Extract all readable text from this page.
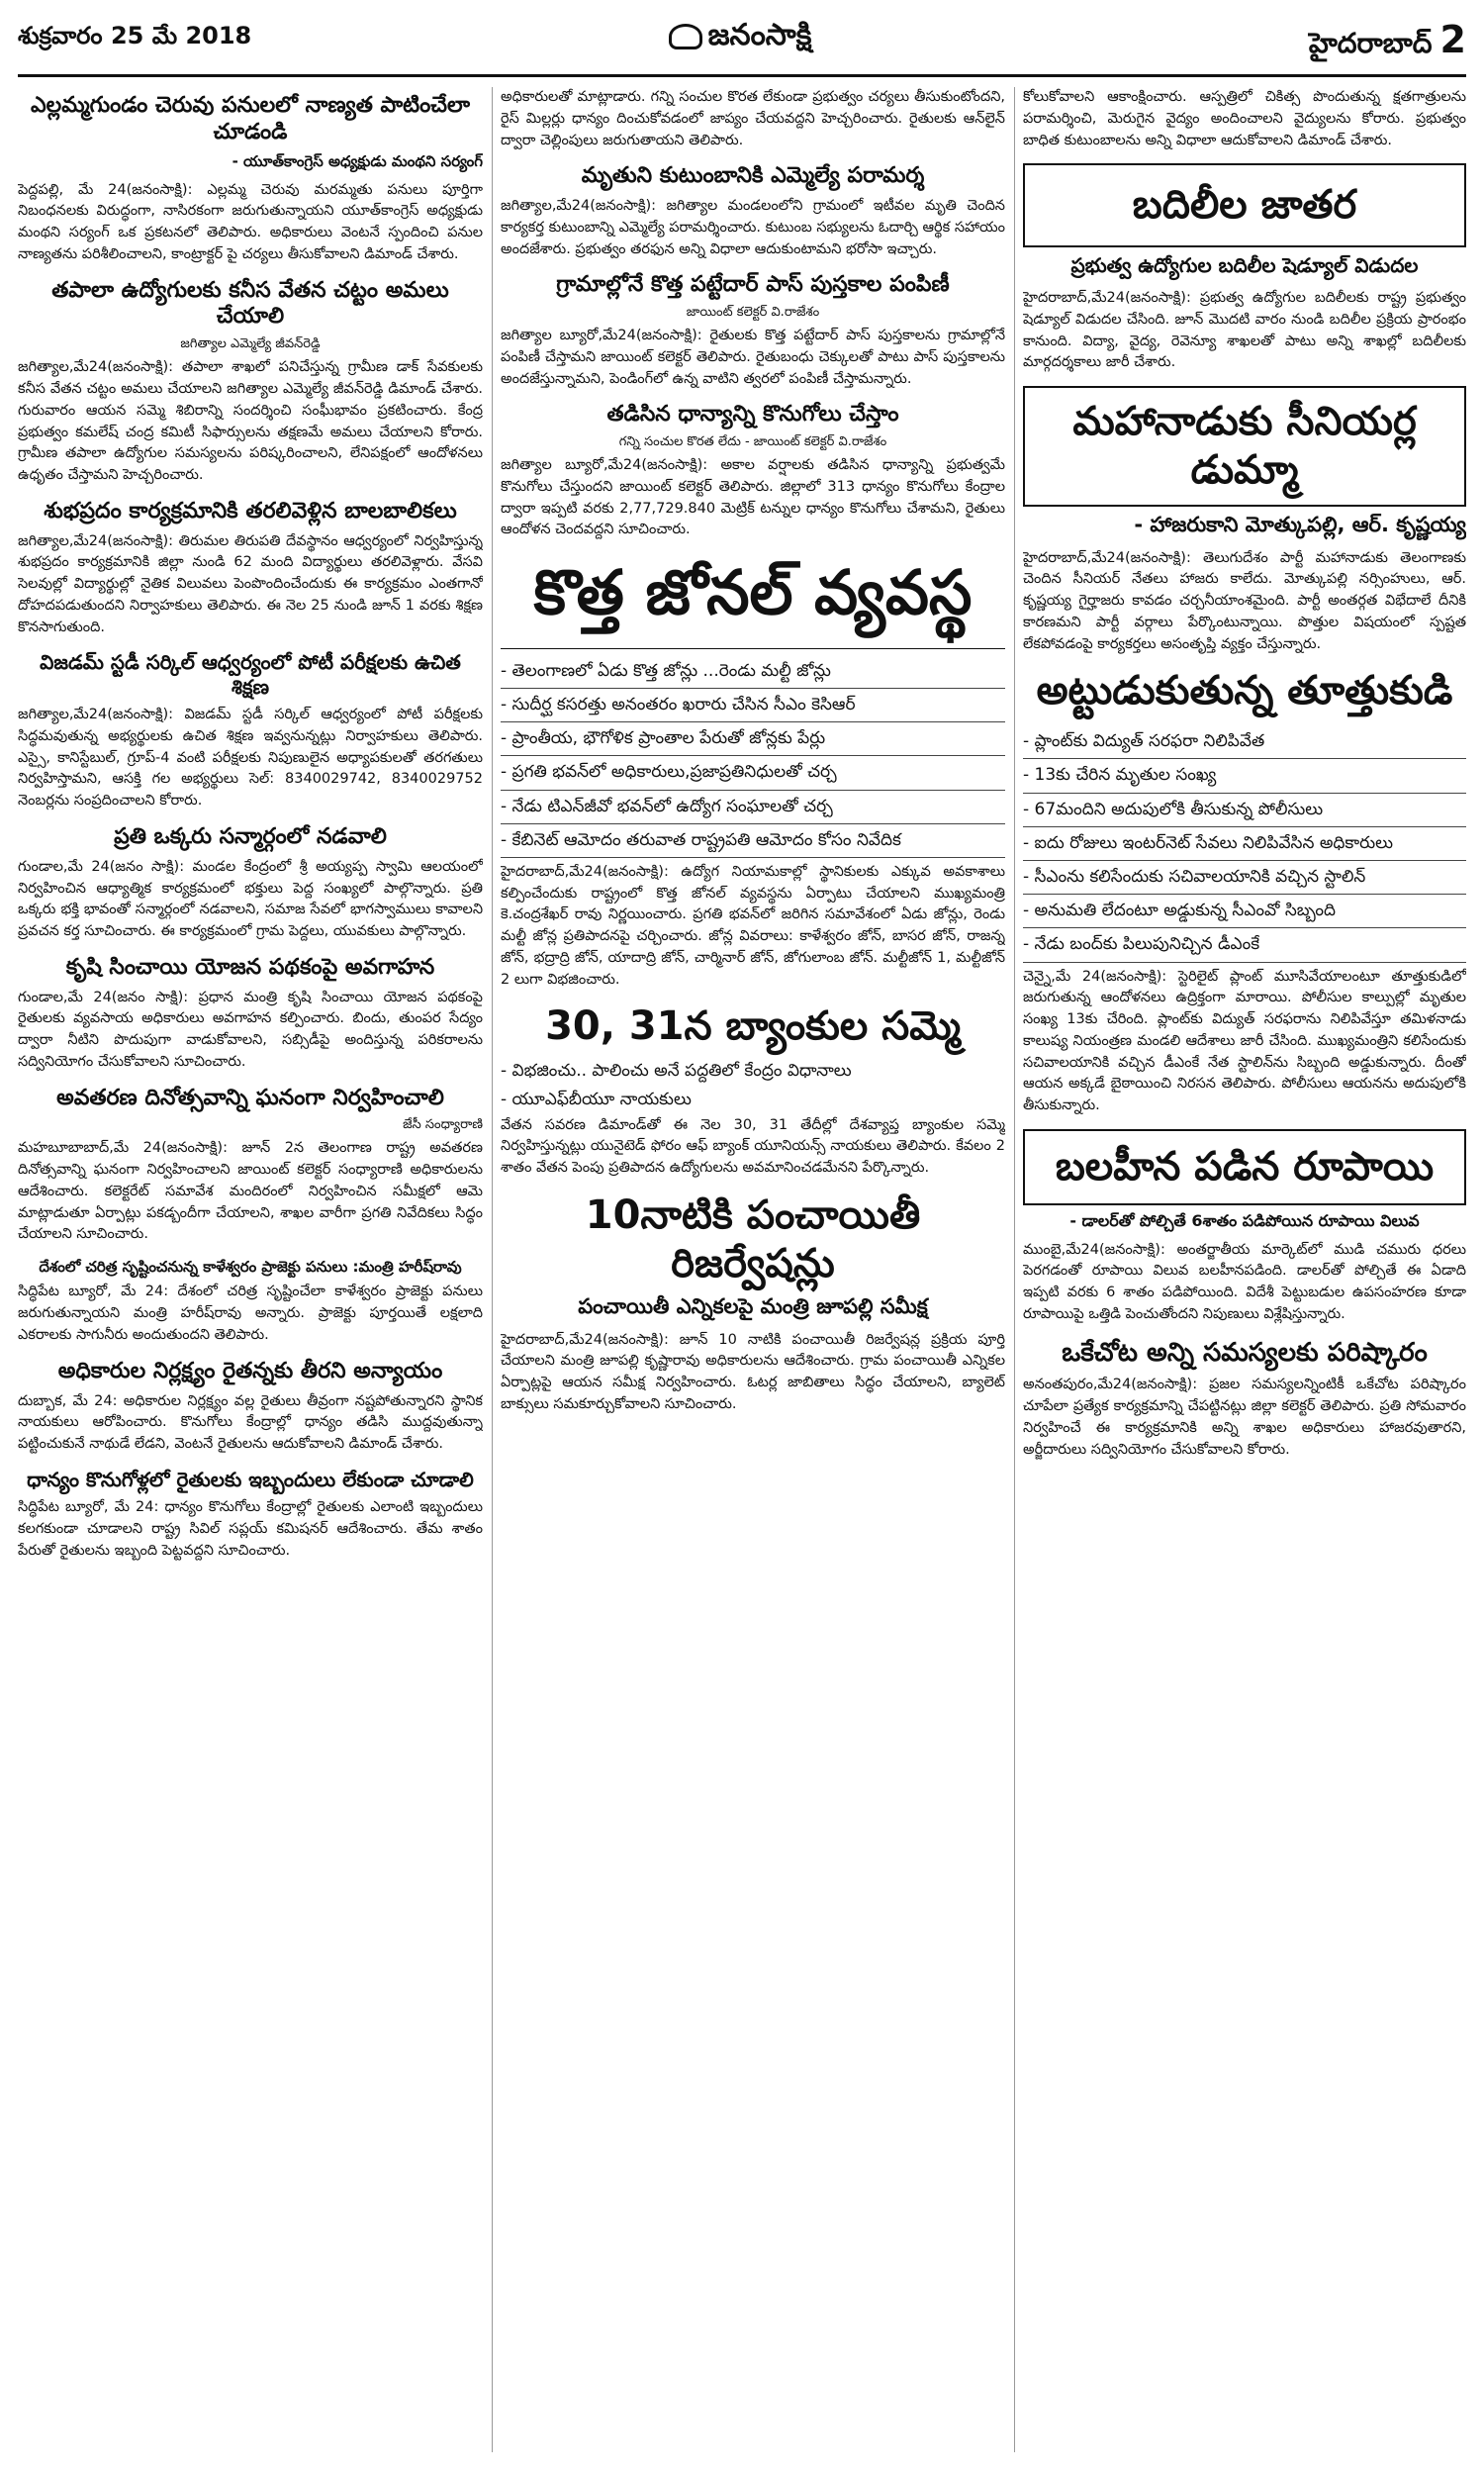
శుక్రవారం 25 మే 2018	జనంసాక్షి	హైదరాబాద్ 2
ఎల్లమ్మగుండం చెరువు పనులలో నాణ్యత పాటించేలా చూడండి
- యూత్‌కాంగ్రెస్ అధ్యక్షుడు మంథని సర్యంగ్
పెద్దపల్లి, మే 24(జనంసాక్షి): ఎల్లమ్మ చెరువు మరమ్మతు పనులు పూర్తిగా నిబంధనలకు విరుద్ధంగా, నాసిరకంగా జరుగుతున్నాయని యూత్‌కాంగ్రెస్ అధ్యక్షుడు మంథని సర్యంగ్ ఒక ప్రకటనలో తెలిపారు. అధికారులు వెంటనే స్పందించి పనుల నాణ్యతను పరిశీలించాలని, కాంట్రాక్టర్ పై చర్యలు తీసుకోవాలని డిమాండ్ చేశారు.
తపాలా ఉద్యోగులకు కనీస వేతన చట్టం అమలు చేయాలి
జగిత్యాల ఎమ్మెల్యే జీవన్‌రెడ్డి
జగిత్యాల,మే24(జనంసాక్షి): తపాలా శాఖలో పనిచేస్తున్న గ్రామీణ డాక్ సేవకులకు కనీస వేతన చట్టం అమలు చేయాలని జగిత్యాల ఎమ్మెల్యే జీవన్‌రెడ్డి డిమాండ్ చేశారు. గురువారం ఆయన సమ్మె శిబిరాన్ని సందర్శించి సంఘీభావం ప్రకటించారు. కేంద్ర ప్రభుత్వం కమలేష్ చంద్ర కమిటీ సిఫార్సులను తక్షణమే అమలు చేయాలని కోరారు. గ్రామీణ తపాలా ఉద్యోగుల సమస్యలను పరిష్కరించాలని, లేనిపక్షంలో ఆందోళనలు ఉధృతం చేస్తామని హెచ్చరించారు.
శుభప్రదం కార్యక్రమానికి తరలివెళ్లిన బాలబాలికలు
జగిత్యాల,మే24(జనంసాక్షి): తిరుమల తిరుపతి దేవస్థానం ఆధ్వర్యంలో నిర్వహిస్తున్న శుభప్రదం కార్యక్రమానికి జిల్లా నుండి 62 మంది విద్యార్థులు తరలివెళ్లారు. వేసవి సెలవుల్లో విద్యార్థుల్లో నైతిక విలువలు పెంపొందించేందుకు ఈ కార్యక్రమం ఎంతగానో దోహదపడుతుందని నిర్వాహకులు తెలిపారు. ఈ నెల 25 నుండి జూన్ 1 వరకు శిక్షణ కొనసాగుతుంది.
విజడమ్ స్టడీ సర్కిల్ ఆధ్వర్యంలో పోటీ పరీక్షలకు ఉచిత శిక్షణ
జగిత్యాల,మే24(జనంసాక్షి): విజడమ్ స్టడీ సర్కిల్ ఆధ్వర్యంలో పోటీ పరీక్షలకు సిద్ధమవుతున్న అభ్యర్థులకు ఉచిత శిక్షణ ఇవ్వనున్నట్లు నిర్వాహకులు తెలిపారు. ఎస్సై, కానిస్టేబుల్, గ్రూప్-4 వంటి పరీక్షలకు నిపుణులైన అధ్యాపకులతో తరగతులు నిర్వహిస్తామని, ఆసక్తి గల అభ్యర్థులు సెల్: 8340029742, 8340029752 నెంబర్లను సంప్రదించాలని కోరారు.
ప్రతి ఒక్కరు సన్మార్గంలో నడవాలి
గుండాల,మే 24(జనం సాక్షి): మండల కేంద్రంలో శ్రీ అయ్యప్ప స్వామి ఆలయంలో నిర్వహించిన ఆధ్యాత్మిక కార్యక్రమంలో భక్తులు పెద్ద సంఖ్యలో పాల్గొన్నారు. ప్రతి ఒక్కరు భక్తి భావంతో సన్మార్గంలో నడవాలని, సమాజ సేవలో భాగస్వాములు కావాలని ప్రవచన కర్త సూచించారు. ఈ కార్యక్రమంలో గ్రామ పెద్దలు, యువకులు పాల్గొన్నారు.
కృషి సించాయి యోజన పథకంపై అవగాహన
గుండాల,మే 24(జనం సాక్షి): ప్రధాన మంత్రి కృషి సించాయి యోజన పథకంపై రైతులకు వ్యవసాయ అధికారులు అవగాహన కల్పించారు. బిందు, తుంపర సేద్యం ద్వారా నీటిని పొదుపుగా వాడుకోవాలని, సబ్సిడీపై అందిస్తున్న పరికరాలను సద్వినియోగం చేసుకోవాలని సూచించారు.
అవతరణ దినోత్సవాన్ని ఘనంగా నిర్వహించాలి
జేసీ సంధ్యారాణి
మహబూబాబాద్,మే 24(జనంసాక్షి): జూన్ 2న తెలంగాణ రాష్ట్ర అవతరణ దినోత్సవాన్ని ఘనంగా నిర్వహించాలని జాయింట్ కలెక్టర్ సంధ్యారాణి అధికారులను ఆదేశించారు. కలెక్టరేట్ సమావేశ మందిరంలో నిర్వహించిన సమీక్షలో ఆమె మాట్లాడుతూ ఏర్పాట్లు పకడ్బందీగా చేయాలని, శాఖల వారీగా ప్రగతి నివేదికలు సిద్ధం చేయాలని సూచించారు.
దేశంలో చరిత్ర సృష్టించనున్న కాళేశ్వరం ప్రాజెక్టు పనులు :మంత్రి హరీష్‌రావు
సిద్ధిపేట బ్యూరో, మే 24: దేశంలో చరిత్ర సృష్టించేలా కాళేశ్వరం ప్రాజెక్టు పనులు జరుగుతున్నాయని మంత్రి హరీష్‌రావు అన్నారు. ప్రాజెక్టు పూర్తయితే లక్షలాది ఎకరాలకు సాగునీరు అందుతుందని తెలిపారు.
అధికారుల నిర్లక్ష్యం రైతన్నకు తీరని అన్యాయం
దుబ్బాక, మే 24: అధికారుల నిర్లక్ష్యం వల్ల రైతులు తీవ్రంగా నష్టపోతున్నారని స్థానిక నాయకులు ఆరోపించారు. కొనుగోలు కేంద్రాల్లో ధాన్యం తడిసి ముద్దవుతున్నా పట్టించుకునే నాథుడే లేడని, వెంటనే రైతులను ఆదుకోవాలని డిమాండ్ చేశారు.
ధాన్యం కొనుగోళ్లలో రైతులకు ఇబ్బందులు లేకుండా చూడాలి
సిద్ధిపేట బ్యూరో, మే 24: ధాన్యం కొనుగోలు కేంద్రాల్లో రైతులకు ఎలాంటి ఇబ్బందులు కలగకుండా చూడాలని రాష్ట్ర సివిల్ సప్లయ్ కమిషనర్ ఆదేశించారు. తేమ శాతం పేరుతో రైతులను ఇబ్బంది పెట్టవద్దని సూచించారు.
అధికారులతో మాట్లాడారు. గన్ని సంచుల కొరత లేకుండా ప్రభుత్వం చర్యలు తీసుకుంటోందని, రైస్ మిల్లర్లు ధాన్యం దించుకోవడంలో జాప్యం చేయవద్దని హెచ్చరించారు. రైతులకు ఆన్‌లైన్ ద్వారా చెల్లింపులు జరుగుతాయని తెలిపారు.
మృతుని కుటుంబానికి ఎమ్మెల్యే పరామర్శ
జగిత్యాల,మే24(జనంసాక్షి): జగిత్యాల మండలంలోని గ్రామంలో ఇటీవల మృతి చెందిన కార్యకర్త కుటుంబాన్ని ఎమ్మెల్యే పరామర్శించారు. కుటుంబ సభ్యులను ఓదార్చి ఆర్థిక సహాయం అందజేశారు. ప్రభుత్వం తరఫున అన్ని విధాలా ఆదుకుంటామని భరోసా ఇచ్చారు.
గ్రామాల్లోనే కొత్త పట్టేదార్ పాస్ పుస్తకాల పంపిణీ
జాయింట్ కలెక్టర్ వి.రాజేశం
జగిత్యాల బ్యూరో,మే24(జనంసాక్షి): రైతులకు కొత్త పట్టేదార్ పాస్ పుస్తకాలను గ్రామాల్లోనే పంపిణీ చేస్తామని జాయింట్ కలెక్టర్ తెలిపారు. రైతుబంధు చెక్కులతో పాటు పాస్ పుస్తకాలను అందజేస్తున్నామని, పెండింగ్‌లో ఉన్న వాటిని త్వరలో పంపిణీ చేస్తామన్నారు.
తడిసిన ధాన్యాన్ని కొనుగోలు చేస్తాం
గన్ని సంచుల కొరత లేదు - జాయింట్ కలెక్టర్ వి.రాజేశం
జగిత్యాల బ్యూరో,మే24(జనంసాక్షి): అకాల వర్షాలకు తడిసిన ధాన్యాన్ని ప్రభుత్వమే కొనుగోలు చేస్తుందని జాయింట్ కలెక్టర్ తెలిపారు. జిల్లాలో 313 ధాన్యం కొనుగోలు కేంద్రాల ద్వారా ఇప్పటి వరకు 2,77,729.840 మెట్రిక్ టన్నుల ధాన్యం కొనుగోలు చేశామని, రైతులు ఆందోళన చెందవద్దని సూచించారు.
కొత్త జోనల్ వ్యవస్థ
- తెలంగాణలో ఏడు కొత్త జోన్లు ...రెండు మల్టీ జోన్లు
- సుదీర్ఘ కసరత్తు అనంతరం ఖరారు చేసిన సీఎం కెసిఆర్
- ప్రాంతీయ, భౌగోళిక ప్రాంతాల పేరుతో జోన్లకు పేర్లు
- ప్రగతి భవన్‌లో అధికారులు,ప్రజాప్రతినిధులతో చర్చ
- నేడు టిఎన్‌జీవో భవన్‌లో ఉద్యోగ సంఘాలతో చర్చ
- కేబినెట్ ఆమోదం తరువాత రాష్ట్రపతి ఆమోదం కోసం నివేదిక
హైదరాబాద్,మే24(జనంసాక్షి): ఉద్యోగ నియామకాల్లో స్థానికులకు ఎక్కువ అవకాశాలు కల్పించేందుకు రాష్ట్రంలో కొత్త జోనల్ వ్యవస్థను ఏర్పాటు చేయాలని ముఖ్యమంత్రి కె.చంద్రశేఖర్ రావు నిర్ణయించారు. ప్రగతి భవన్‌లో జరిగిన సమావేశంలో ఏడు జోన్లు, రెండు మల్టీ జోన్ల ప్రతిపాదనపై చర్చించారు. జోన్ల వివరాలు: కాళేశ్వరం జోన్, బాసర జోన్, రాజన్న జోన్, భద్రాద్రి జోన్, యాదాద్రి జోన్, చార్మినార్ జోన్, జోగులాంబ జోన్. మల్టీజోన్ 1, మల్టీజోన్ 2 లుగా విభజించారు.
30, 31న బ్యాంకుల సమ్మె
- విభజించు.. పాలించు అనే పద్దతిలో కేంద్రం విధానాలు
- యూఎఫ్‌బీయూ నాయకులు
వేతన సవరణ డిమాండ్‌తో ఈ నెల 30, 31 తేదీల్లో దేశవ్యాప్త బ్యాంకుల సమ్మె నిర్వహిస్తున్నట్లు యునైటెడ్ ఫోరం ఆఫ్ బ్యాంక్ యూనియన్స్ నాయకులు తెలిపారు. కేవలం 2 శాతం వేతన పెంపు ప్రతిపాదన ఉద్యోగులను అవమానించడమేనని పేర్కొన్నారు.
10నాటికి పంచాయితీ రిజర్వేషన్లు
పంచాయితీ ఎన్నికలపై మంత్రి జూపల్లి సమీక్ష
హైదరాబాద్,మే24(జనంసాక్షి): జూన్ 10 నాటికి పంచాయితీ రిజర్వేషన్ల ప్రక్రియ పూర్తి చేయాలని మంత్రి జూపల్లి కృష్ణారావు అధికారులను ఆదేశించారు. గ్రామ పంచాయితీ ఎన్నికల ఏర్పాట్లపై ఆయన సమీక్ష నిర్వహించారు. ఓటర్ల జాబితాలు సిద్ధం చేయాలని, బ్యాలెట్ బాక్సులు సమకూర్చుకోవాలని సూచించారు.
కోలుకోవాలని ఆకాంక్షించారు. ఆస్పత్రిలో చికిత్స పొందుతున్న క్షతగాత్రులను పరామర్శించి, మెరుగైన వైద్యం అందించాలని వైద్యులను కోరారు. ప్రభుత్వం బాధిత కుటుంబాలను అన్ని విధాలా ఆదుకోవాలని డిమాండ్ చేశారు.
బదిలీల జాతర
ప్రభుత్వ ఉద్యోగుల బదిలీల షెడ్యూల్ విడుదల
హైదరాబాద్,మే24(జనంసాక్షి): ప్రభుత్వ ఉద్యోగుల బదిలీలకు రాష్ట్ర ప్రభుత్వం షెడ్యూల్ విడుదల చేసింది. జూన్ మొదటి వారం నుండి బదిలీల ప్రక్రియ ప్రారంభం కానుంది. విద్యా, వైద్య, రెవెన్యూ శాఖలతో పాటు అన్ని శాఖల్లో బదిలీలకు మార్గదర్శకాలు జారీ చేశారు.
మహానాడుకు సీనియర్ల డుమ్మా
- హాజరుకాని మోత్కుపల్లి, ఆర్. కృష్ణయ్య
హైదరాబాద్,మే24(జనంసాక్షి): తెలుగుదేశం పార్టీ మహానాడుకు తెలంగాణకు చెందిన సీనియర్ నేతలు హాజరు కాలేదు. మోత్కుపల్లి నర్సింహులు, ఆర్. కృష్ణయ్య గైర్హాజరు కావడం చర్చనీయాంశమైంది. పార్టీ అంతర్గత విభేదాలే దీనికి కారణమని పార్టీ వర్గాలు పేర్కొంటున్నాయి. పొత్తుల విషయంలో స్పష్టత లేకపోవడంపై కార్యకర్తలు అసంతృప్తి వ్యక్తం చేస్తున్నారు.
అట్టుడుకుతున్న తూత్తుకుడి
- ప్లాంట్‌కు విద్యుత్ సరఫరా నిలిపివేత
- 13కు చేరిన మృతుల సంఖ్య
- 67మందిని అదుపులోకి తీసుకున్న పోలీసులు
- ఐదు రోజులు ఇంటర్‌నెట్ సేవలు నిలిపివేసిన అధికారులు
- సీఎంను కలిసేందుకు సచివాలయానికి వచ్చిన స్టాలిన్
- అనుమతి లేదంటూ అడ్డుకున్న సీఎంవో సిబ్బంది
- నేడు బంద్‌కు పిలుపునిచ్చిన డీఎంకే
చెన్నై,మే 24(జనంసాక్షి): స్టెరిలైట్ ప్లాంట్ మూసివేయాలంటూ తూత్తుకుడిలో జరుగుతున్న ఆందోళనలు ఉద్రిక్తంగా మారాయి. పోలీసుల కాల్పుల్లో మృతుల సంఖ్య 13కు చేరింది. ప్లాంట్‌కు విద్యుత్ సరఫరాను నిలిపివేస్తూ తమిళనాడు కాలుష్య నియంత్రణ మండలి ఆదేశాలు జారీ చేసింది. ముఖ్యమంత్రిని కలిసేందుకు సచివాలయానికి వచ్చిన డీఎంకే నేత స్టాలిన్‌ను సిబ్బంది అడ్డుకున్నారు. దీంతో ఆయన అక్కడే బైఠాయించి నిరసన తెలిపారు. పోలీసులు ఆయనను అదుపులోకి తీసుకున్నారు.
బలహీన పడిన రూపాయి
- డాలర్‌తో పోల్చితే 6శాతం పడిపోయిన రూపాయి విలువ
ముంబై,మే24(జనంసాక్షి): అంతర్జాతీయ మార్కెట్‌లో ముడి చమురు ధరలు పెరగడంతో రూపాయి విలువ బలహీనపడింది. డాలర్‌తో పోల్చితే ఈ ఏడాది ఇప్పటి వరకు 6 శాతం పడిపోయింది. విదేశీ పెట్టుబడుల ఉపసంహరణ కూడా రూపాయిపై ఒత్తిడి పెంచుతోందని నిపుణులు విశ్లేషిస్తున్నారు.
ఒకేచోట అన్ని సమస్యలకు పరిష్కారం
అనంతపురం,మే24(జనంసాక్షి): ప్రజల సమస్యలన్నింటికీ ఒకేచోట పరిష్కారం చూపేలా ప్రత్యేక కార్యక్రమాన్ని చేపట్టినట్లు జిల్లా కలెక్టర్ తెలిపారు. ప్రతి సోమవారం నిర్వహించే ఈ కార్యక్రమానికి అన్ని శాఖల అధికారులు హాజరవుతారని, అర్జీదారులు సద్వినియోగం చేసుకోవాలని కోరారు.
